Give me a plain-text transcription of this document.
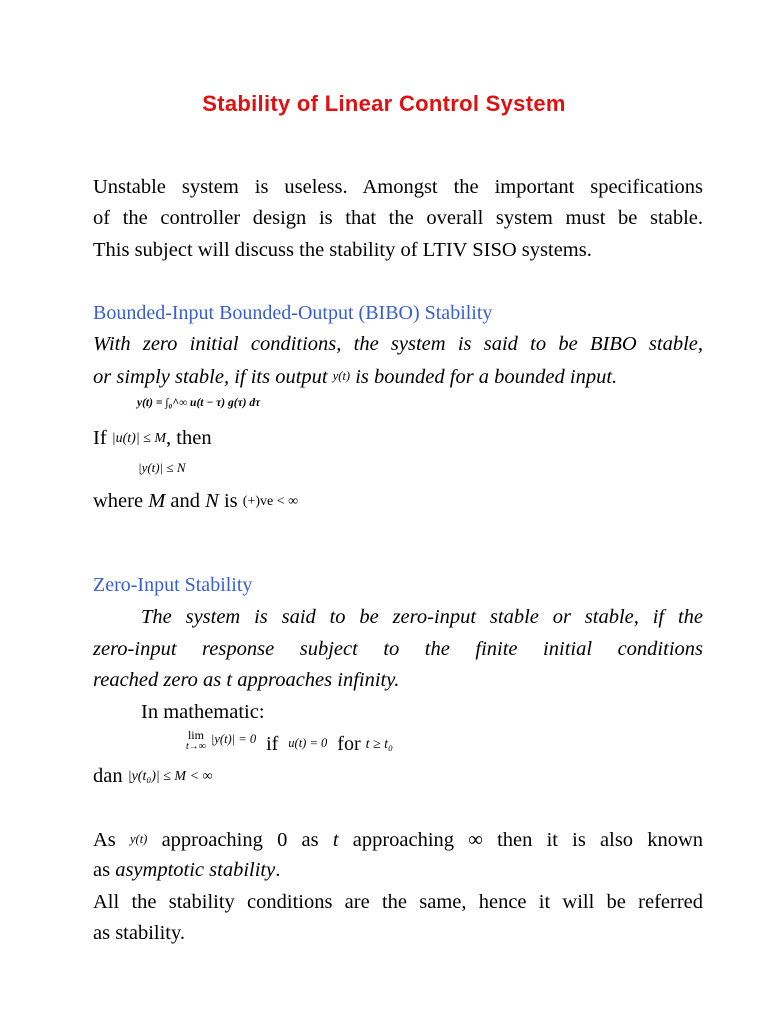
Stability of Linear Control System
Unstable system is useless. Amongst the important specifications
of the controller design is that the overall system must be stable.
This subject will discuss the stability of LTIV SISO systems.
Bounded-Input Bounded-Output (BIBO) Stability
With zero initial conditions, the system is said to be BIBO stable,
or simply stable, if its output y(t) is bounded for a bounded input.
y(t) = ∫₀^∞ u(t − τ) g(τ) dτ
If |u(t)| ≤ M, then
|y(t)| ≤ N
where M and N is (+)ve < ∞
Zero-Input Stability
The system is said to be zero-input stable or stable, if the
zero-input response subject to the finite initial conditions
reached zero as t approaches infinity.
In mathematic:
lim
t→∞
$^{|y(t)| = 0}$ if u(t) = 0 for t ≥ t₀
dan |y(t₀)| ≤ M < ∞
As y(t) approaching 0 as t approaching ∞ then it is also known
as asymptotic stability.
All the stability conditions are the same, hence it will be referred
as stability.
